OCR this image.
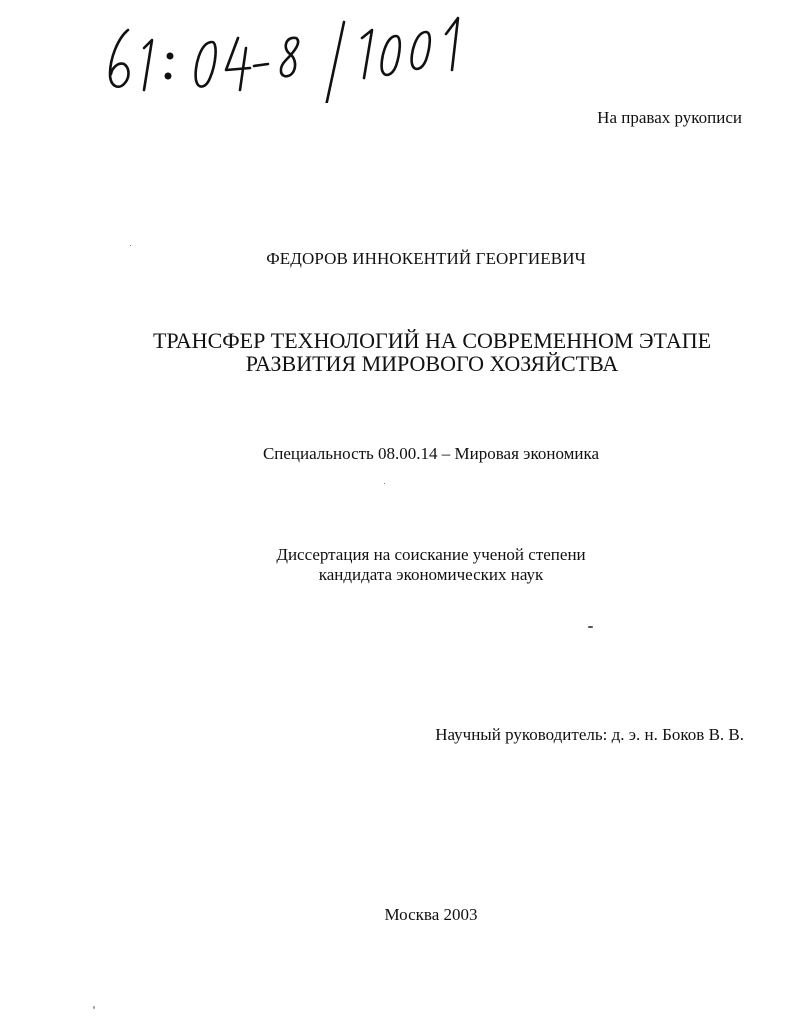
На правах рукописи
ФЕДОРОВ ИННОКЕНТИЙ ГЕОРГИЕВИЧ
ТРАНСФЕР ТЕХНОЛОГИЙ НА СОВРЕМЕННОМ ЭТАПЕ
РАЗВИТИЯ МИРОВОГО ХОЗЯЙСТВА
Специальность 08.00.14 – Мировая экономика
Диссертация на соискание ученой степени
кандидата экономических наук
Научный руководитель: д. э. н. Боков В. В.
Москва 2003
